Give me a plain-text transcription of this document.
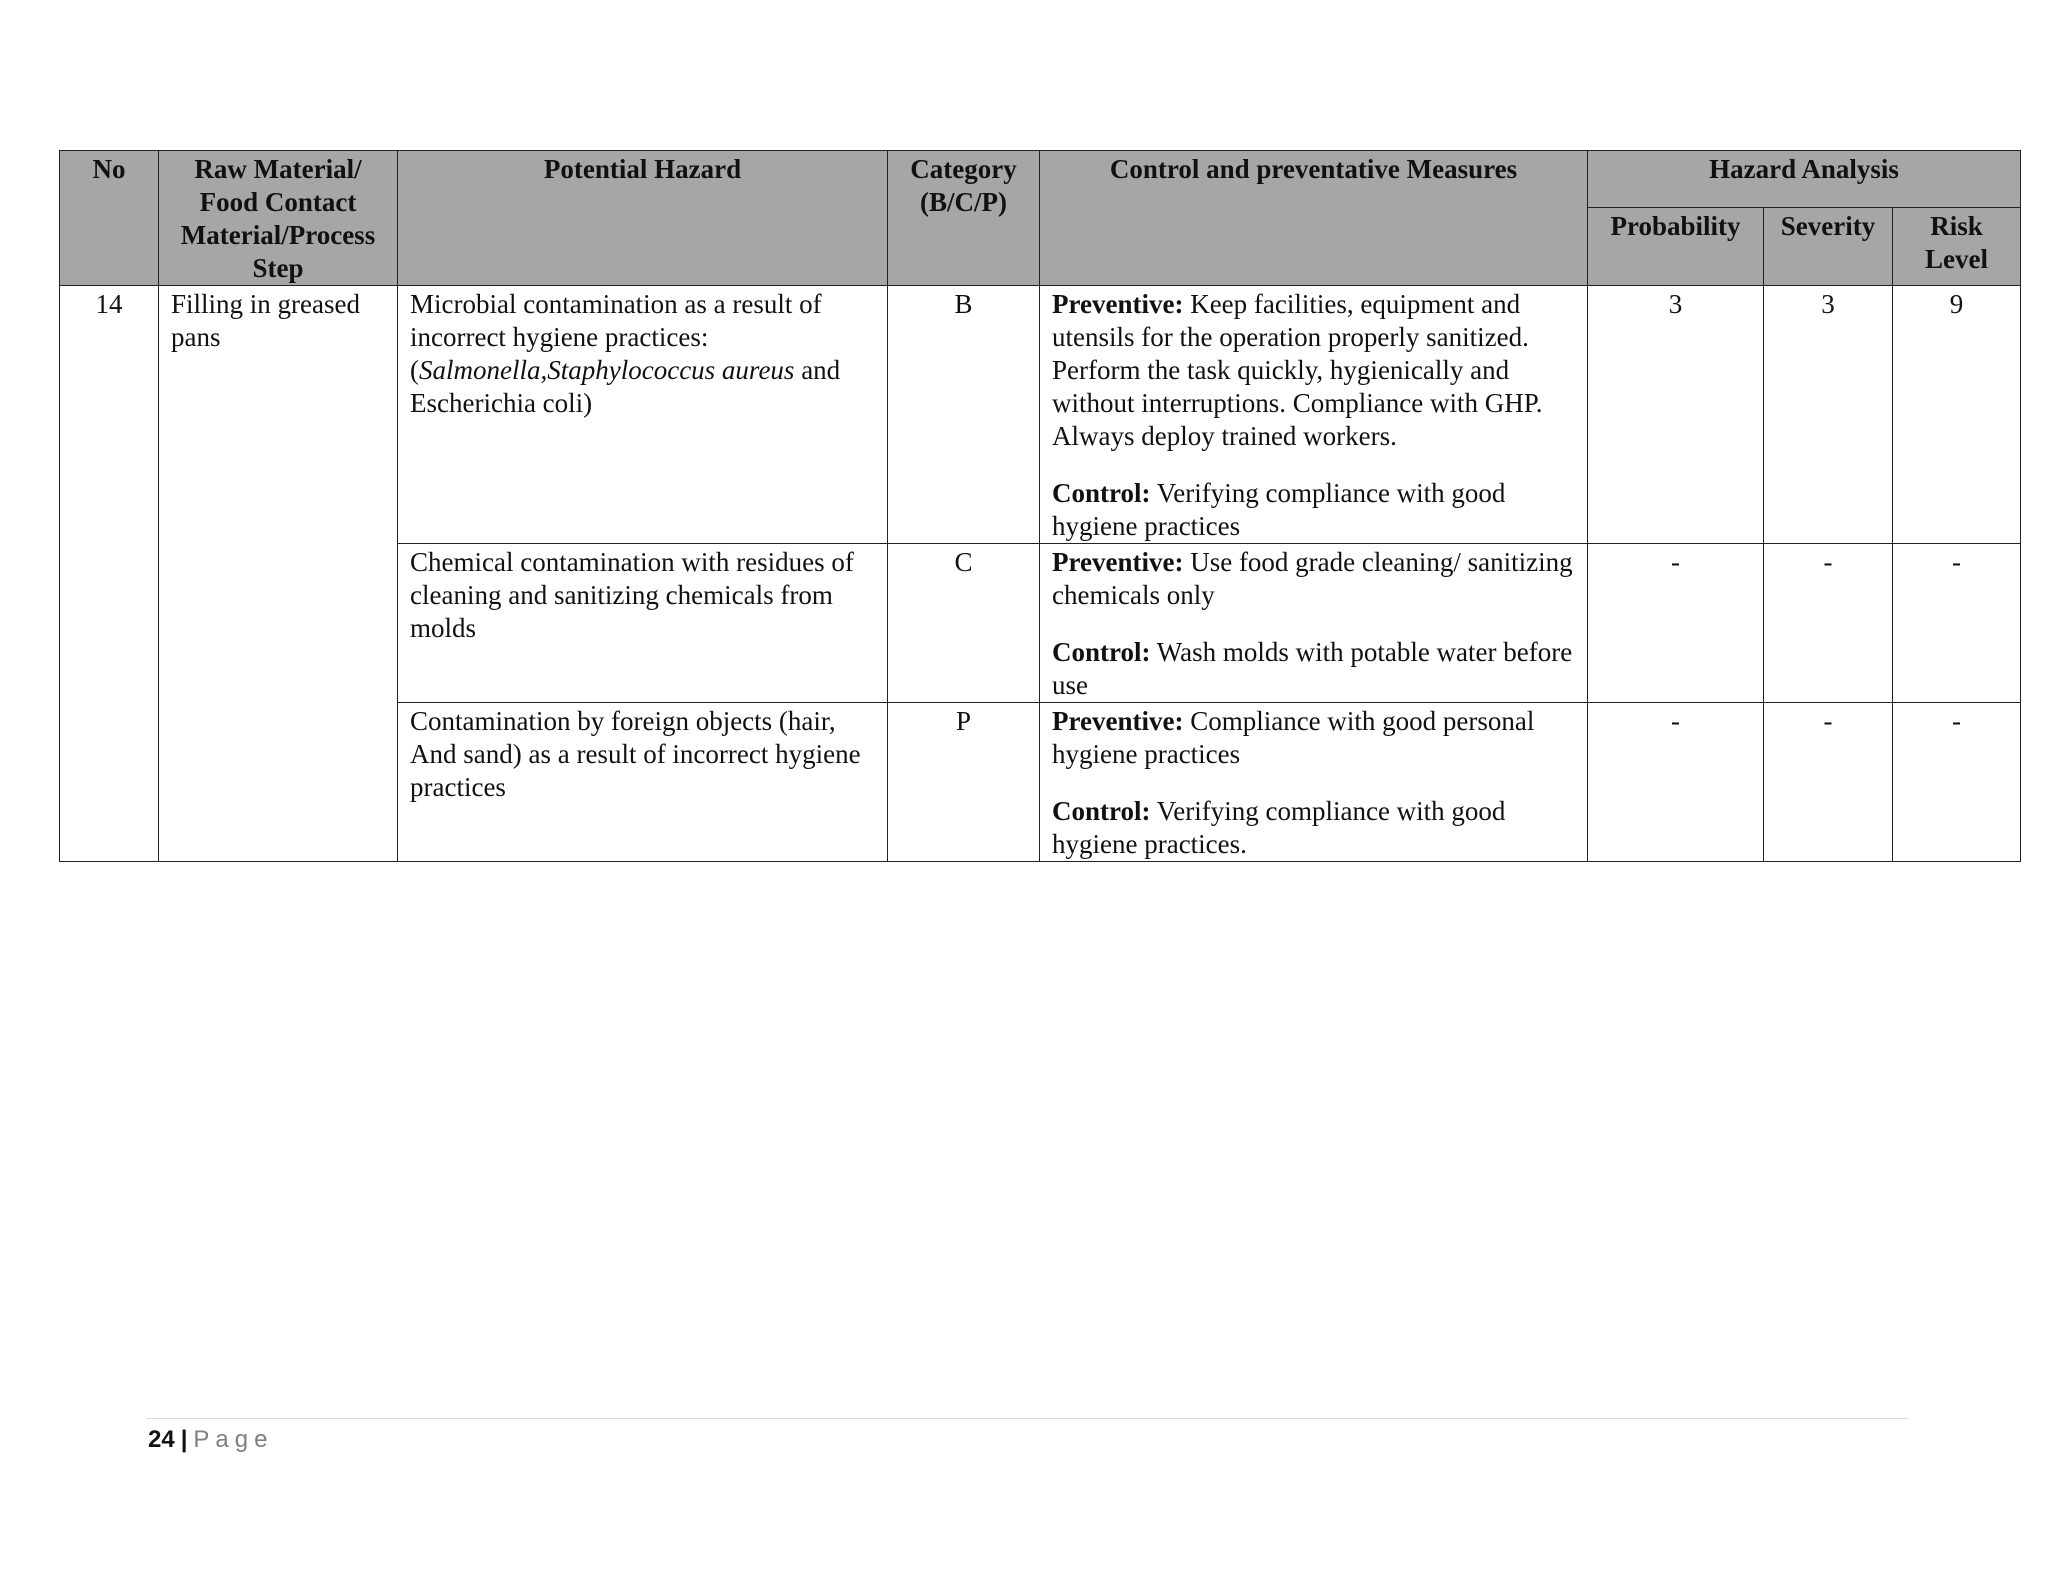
No	Raw Material/ Food Contact Material/Process Step	Potential Hazard	Category (B/C/P)	Control and preventative Measures	Hazard Analysis		
					Probability	Severity	Risk Level
14	Filling in greased pans	Microbial contamination as a result of incorrect hygiene practices: (Salmonella,Staphylococcus aureus and Escherichia coli)	B	Preventive: Keep facilities, equipment and utensils for the operation properly sanitized. Perform the task quickly, hygienically and without interruptions. Compliance with GHP. Always deploy trained workers.

Control: Verifying compliance with good hygiene practices	3	3	9
		Chemical contamination with residues of cleaning and sanitizing chemicals from molds	C	Preventive: Use food grade cleaning/ sanitizing chemicals only

Control: Wash molds with potable water before use	-	-	-
		Contamination by foreign objects (hair, And sand) as a result of incorrect hygiene practices	P	Preventive: Compliance with good personal hygiene practices

Control: Verifying compliance with good hygiene practices.	-	-	-
24 | Page
